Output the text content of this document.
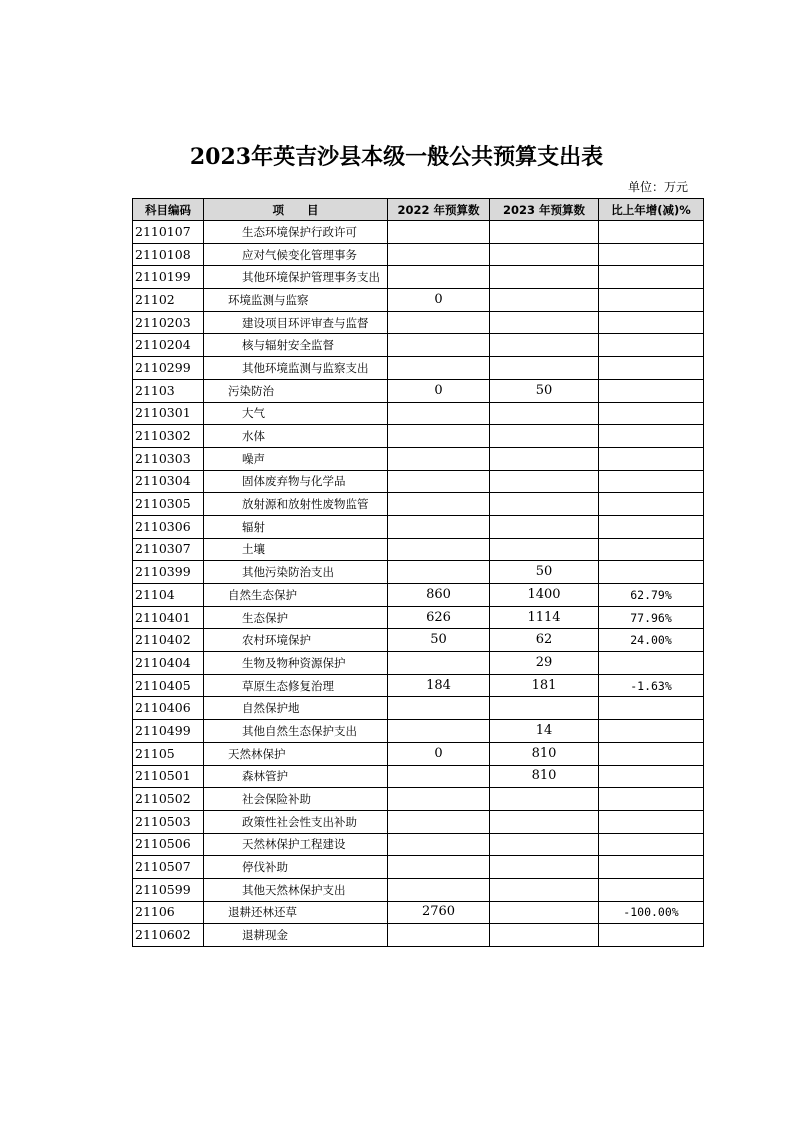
2023年英吉沙县本级一般公共预算支出表
单位：万元
科目编码	项　　目	2022 年预算数	2023 年预算数	比上年增(减)%
2110107	生态环境保护行政许可			
2110108	应对气候变化管理事务			
2110199	其他环境保护管理事务支出			
21102	环境监测与监察	0		
2110203	建设项目环评审查与监督			
2110204	核与辐射安全监督			
2110299	其他环境监测与监察支出			
21103	污染防治	0	50	
2110301	大气			
2110302	水体			
2110303	噪声			
2110304	固体废弃物与化学品			
2110305	放射源和放射性废物监管			
2110306	辐射			
2110307	土壤			
2110399	其他污染防治支出		50	
21104	自然生态保护	860	1400	62.79%
2110401	生态保护	626	1114	77.96%
2110402	农村环境保护	50	62	24.00%
2110404	生物及物种资源保护		29	
2110405	草原生态修复治理	184	181	-1.63%
2110406	自然保护地			
2110499	其他自然生态保护支出		14	
21105	天然林保护	0	810	
2110501	森林管护		810	
2110502	社会保险补助			
2110503	政策性社会性支出补助			
2110506	天然林保护工程建设			
2110507	停伐补助			
2110599	其他天然林保护支出			
21106	退耕还林还草	2760		-100.00%
2110602	退耕现金			
